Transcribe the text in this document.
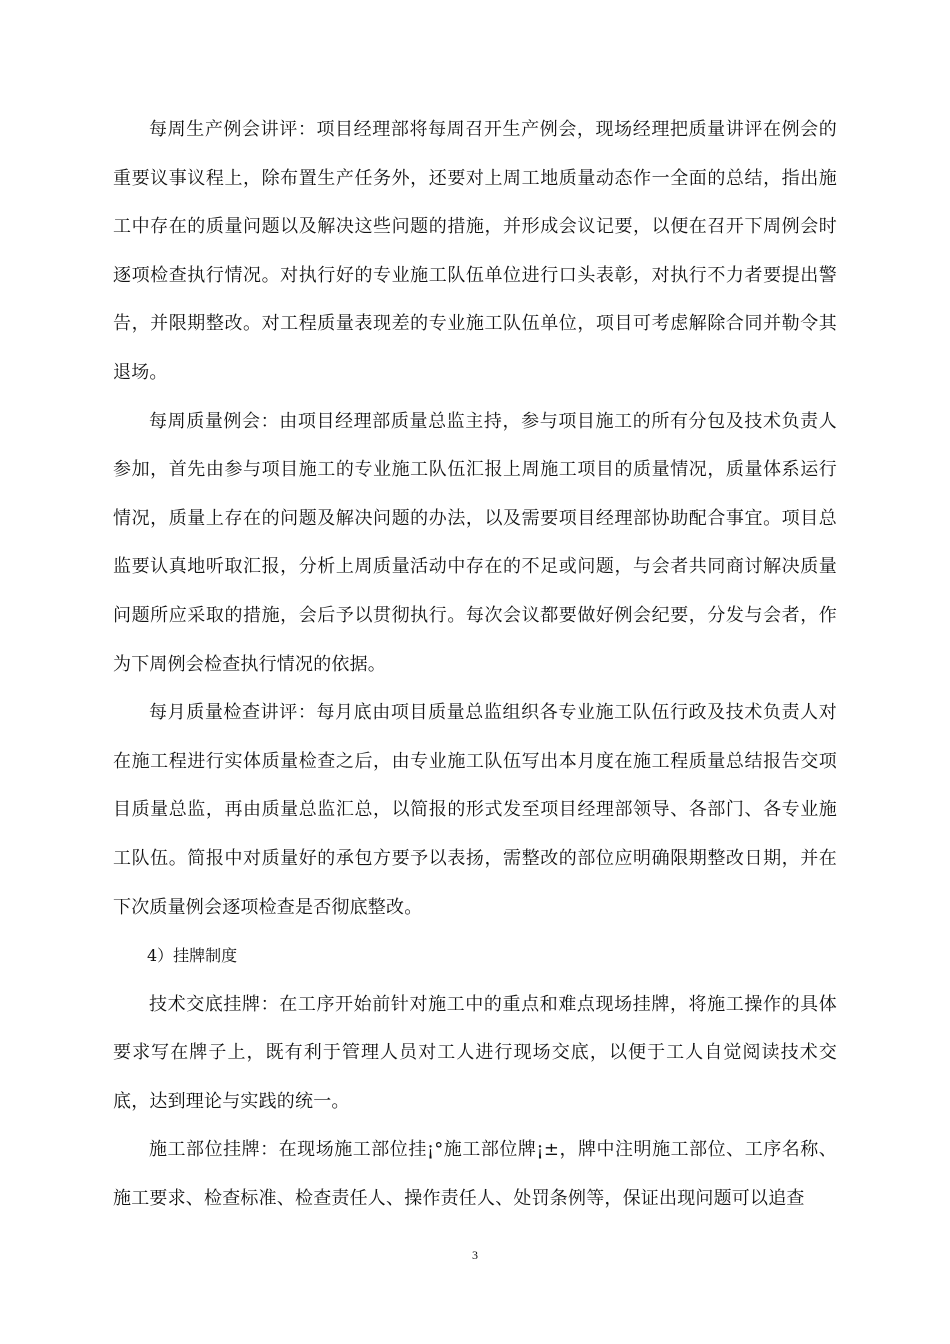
每周生产例会讲评：项目经理部将每周召开生产例会，现场经理把质量讲评在例会的重要议事议程上，除布置生产任务外，还要对上周工地质量动态作一全面的总结，指出施工中存在的质量问题以及解决这些问题的措施，并形成会议记要，以便在召开下周例会时逐项检查执行情况。对执行好的专业施工队伍单位进行口头表彰，对执行不力者要提出警告，并限期整改。对工程质量表现差的专业施工队伍单位，项目可考虑解除合同并勒令其退场。

每周质量例会：由项目经理部质量总监主持，参与项目施工的所有分包及技术负责人参加，首先由参与项目施工的专业施工队伍汇报上周施工项目的质量情况，质量体系运行情况，质量上存在的问题及解决问题的办法，以及需要项目经理部协助配合事宜。项目总监要认真地听取汇报，分析上周质量活动中存在的不足或问题，与会者共同商讨解决质量问题所应采取的措施，会后予以贯彻执行。每次会议都要做好例会纪要，分发与会者，作为下周例会检查执行情况的依据。

每月质量检查讲评：每月底由项目质量总监组织各专业施工队伍行政及技术负责人对在施工程进行实体质量检查之后，由专业施工队伍写出本月度在施工程质量总结报告交项目质量总监，再由质量总监汇总，以简报的形式发至项目经理部领导、各部门、各专业施工队伍。简报中对质量好的承包方要予以表扬，需整改的部位应明确限期整改日期，并在下次质量例会逐项检查是否彻底整改。

4）挂牌制度

技术交底挂牌：在工序开始前针对施工中的重点和难点现场挂牌，将施工操作的具体要求写在牌子上，既有利于管理人员对工人进行现场交底，以便于工人自觉阅读技术交底，达到理论与实践的统一。

施工部位挂牌：在现场施工部位挂¡°施工部位牌¡±，牌中注明施工部位、工序名称、施工要求、检查标准、检查责任人、操作责任人、处罚条例等，保证出现问题可以追查

3
